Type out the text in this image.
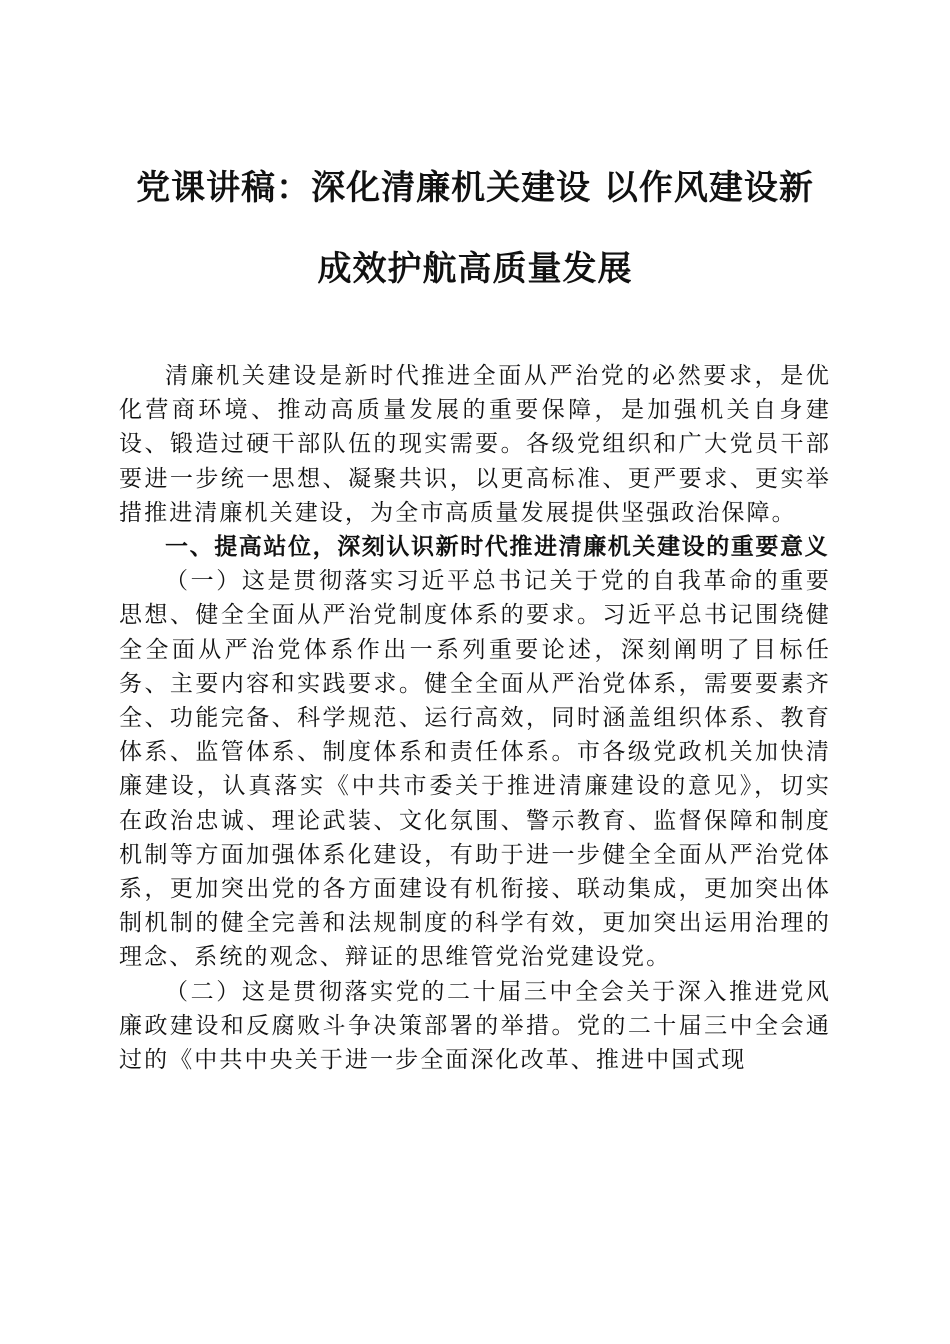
党课讲稿：深化清廉机关建设 以作风建设新
成效护航高质量发展

清廉机关建设是新时代推进全面从严治党的必然要求，是优化营商环境、推动高质量发展的重要保障，是加强机关自身建设、锻造过硬干部队伍的现实需要。各级党组织和广大党员干部要进一步统一思想、凝聚共识，以更高标准、更严要求、更实举措推进清廉机关建设，为全市高质量发展提供坚强政治保障。

一、提高站位，深刻认识新时代推进清廉机关建设的重要意义

（一）这是贯彻落实习近平总书记关于党的自我革命的重要思想、健全全面从严治党制度体系的要求。习近平总书记围绕健全全面从严治党体系作出一系列重要论述，深刻阐明了目标任务、主要内容和实践要求。健全全面从严治党体系，需要要素齐全、功能完备、科学规范、运行高效，同时涵盖组织体系、教育体系、监管体系、制度体系和责任体系。市各级党政机关加快清廉建设，认真落实《中共市委关于推进清廉建设的意见》，切实在政治忠诚、理论武装、文化氛围、警示教育、监督保障和制度机制等方面加强体系化建设，有助于进一步健全全面从严治党体系，更加突出党的各方面建设有机衔接、联动集成，更加突出体制机制的健全完善和法规制度的科学有效，更加突出运用治理的理念、系统的观念、辩证的思维管党治党建设党。

（二）这是贯彻落实党的二十届三中全会关于深入推进党风廉政建设和反腐败斗争决策部署的举措。党的二十届三中全会通过的《中共中央关于进一步全面深化改革、推进中国式现
